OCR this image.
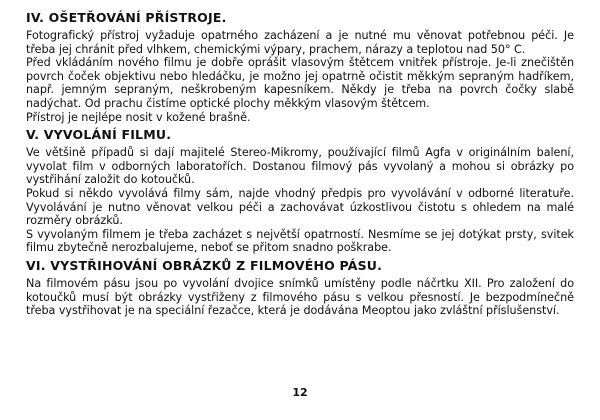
IV. OŠETŘOVÁNÍ PŘÍSTROJE.

Fotografický přístroj vyžaduje opatrného zacházení a je nutné mu věnovat potřebnou péči. Je třeba jej chránit před vlhkem, chemickými výpary, prachem, nárazy a teplotou nad 50° C.

Před vkládáním nového filmu je dobře oprášit vlasovým štětcem vnitřek přístroje. Je-li znečištěn povrch čoček objektivu nebo hledáčku, je možno jej opatrně očistit měkkým sepraným hadříkem, např. jemným sepraným, neškrobeným kapesníkem. Někdy je třeba na povrch čočky slabě nadýchat. Od prachu čistíme optické plochy měkkým vlasovým štětcem.

Přístroj je nejlépe nosit v kožené brašně.

V. VYVOLÁNÍ FILMU.

Ve většině případů si dají majitelé Stereo-Mikromy, používající filmů Agfa v originálním balení, vyvolat film v odborných laboratořích. Dostanou filmový pás vyvolaný a mohou si obrázky po vystřihání založit do kotoučků.

Pokud si někdo vyvolává filmy sám, najde vhodný předpis pro vyvolávání v odborné literatuře. Vyvolávání je nutno věnovat velkou péči a zachovávat úzkostlivou čistotu s ohledem na malé rozměry obrázků.

S vyvolaným filmem je třeba zacházet s největší opatrností. Nesmíme se jej dotýkat prsty, svitek filmu zbytečně nerozbalujeme, neboť se přitom snadno poškrabe.

VI. VYSTŘIHOVÁNÍ OBRÁZKŮ Z FILMOVÉHO PÁSU.

Na filmovém pásu jsou po vyvolání dvojice snímků umístěny podle náčrtku XII. Pro založení do kotoučků musí být obrázky vystřiženy z filmového pásu s velkou přesností. Je bezpodmínečně třeba vystřihovat je na speciální řezačce, která je dodávána Meoptou jako zvláštní příslušenství.

12
